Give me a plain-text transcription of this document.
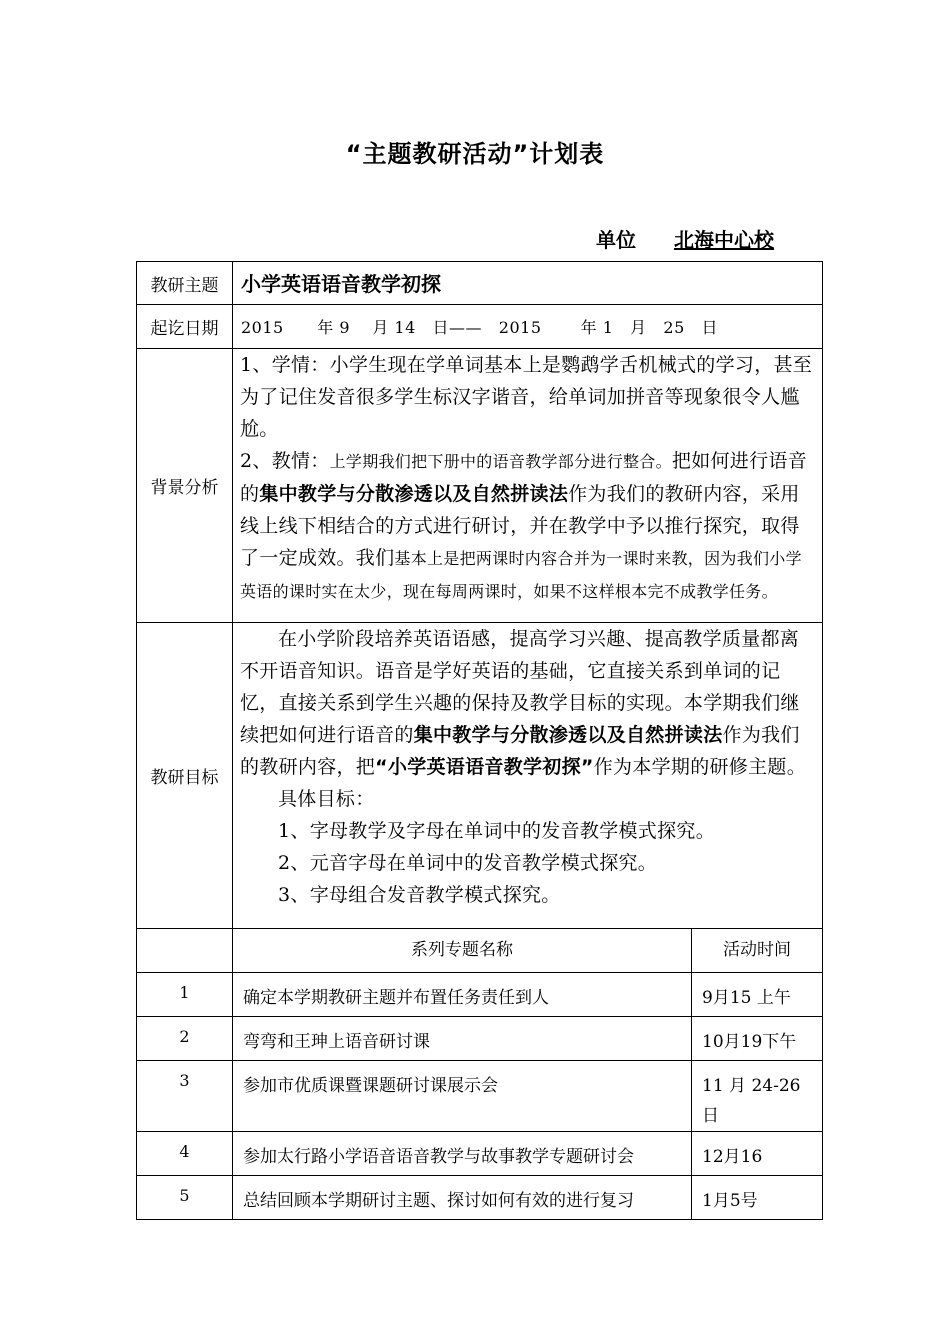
“主题教研活动”计划表
单位 北海中心校
教研主题	小学英语语音教学初探	
起讫日期	2015      年 9    月 14   日——   2015       年 1   月   25   日	
背景分析	1、学情：小学生现在学单词基本上是鹦鹉学舌机械式的学习，甚至为了记住发音很多学生标汉字谐音，给单词加拼音等现象很令人尴尬。
2、教情：上学期我们把下册中的语音教学部分进行整合。把如何进行语音的集中教学与分散渗透以及自然拼读法作为我们的教研内容，采用线上线下相结合的方式进行研讨，并在教学中予以推行探究，取得了一定成效。我们基本上是把两课时内容合并为一课时来教，因为我们小学英语的课时实在太少，现在每周两课时，如果不这样根本完不成教学任务。	
教研目标	在小学阶段培养英语语感，提高学习兴趣、提高教学质量都离不开语音知识。语音是学好英语的基础，它直接关系到单词的记忆，直接关系到学生兴趣的保持及教学目标的实现。本学期我们继续把如何进行语音的集中教学与分散渗透以及自然拼读法作为我们的教研内容，把“小学英语语音教学初探”作为本学期的研修主题。
具体目标：
1、字母教学及字母在单词中的发音教学模式探究。
2、元音字母在单词中的发音教学模式探究。
3、字母组合发音教学模式探究。	

	系列专题名称	活动时间
1	确定本学期教研主题并布置任务责任到人	9月15 上午
2	弯弯和王珅上语音研讨课	10月19下午
3	参加市优质课暨课题研讨课展示会	11 月 24-26日
4	参加太行路小学语音语音教学与故事教学专题研讨会	12月16
5	总结回顾本学期研讨主题、探讨如何有效的进行复习	1月5号
